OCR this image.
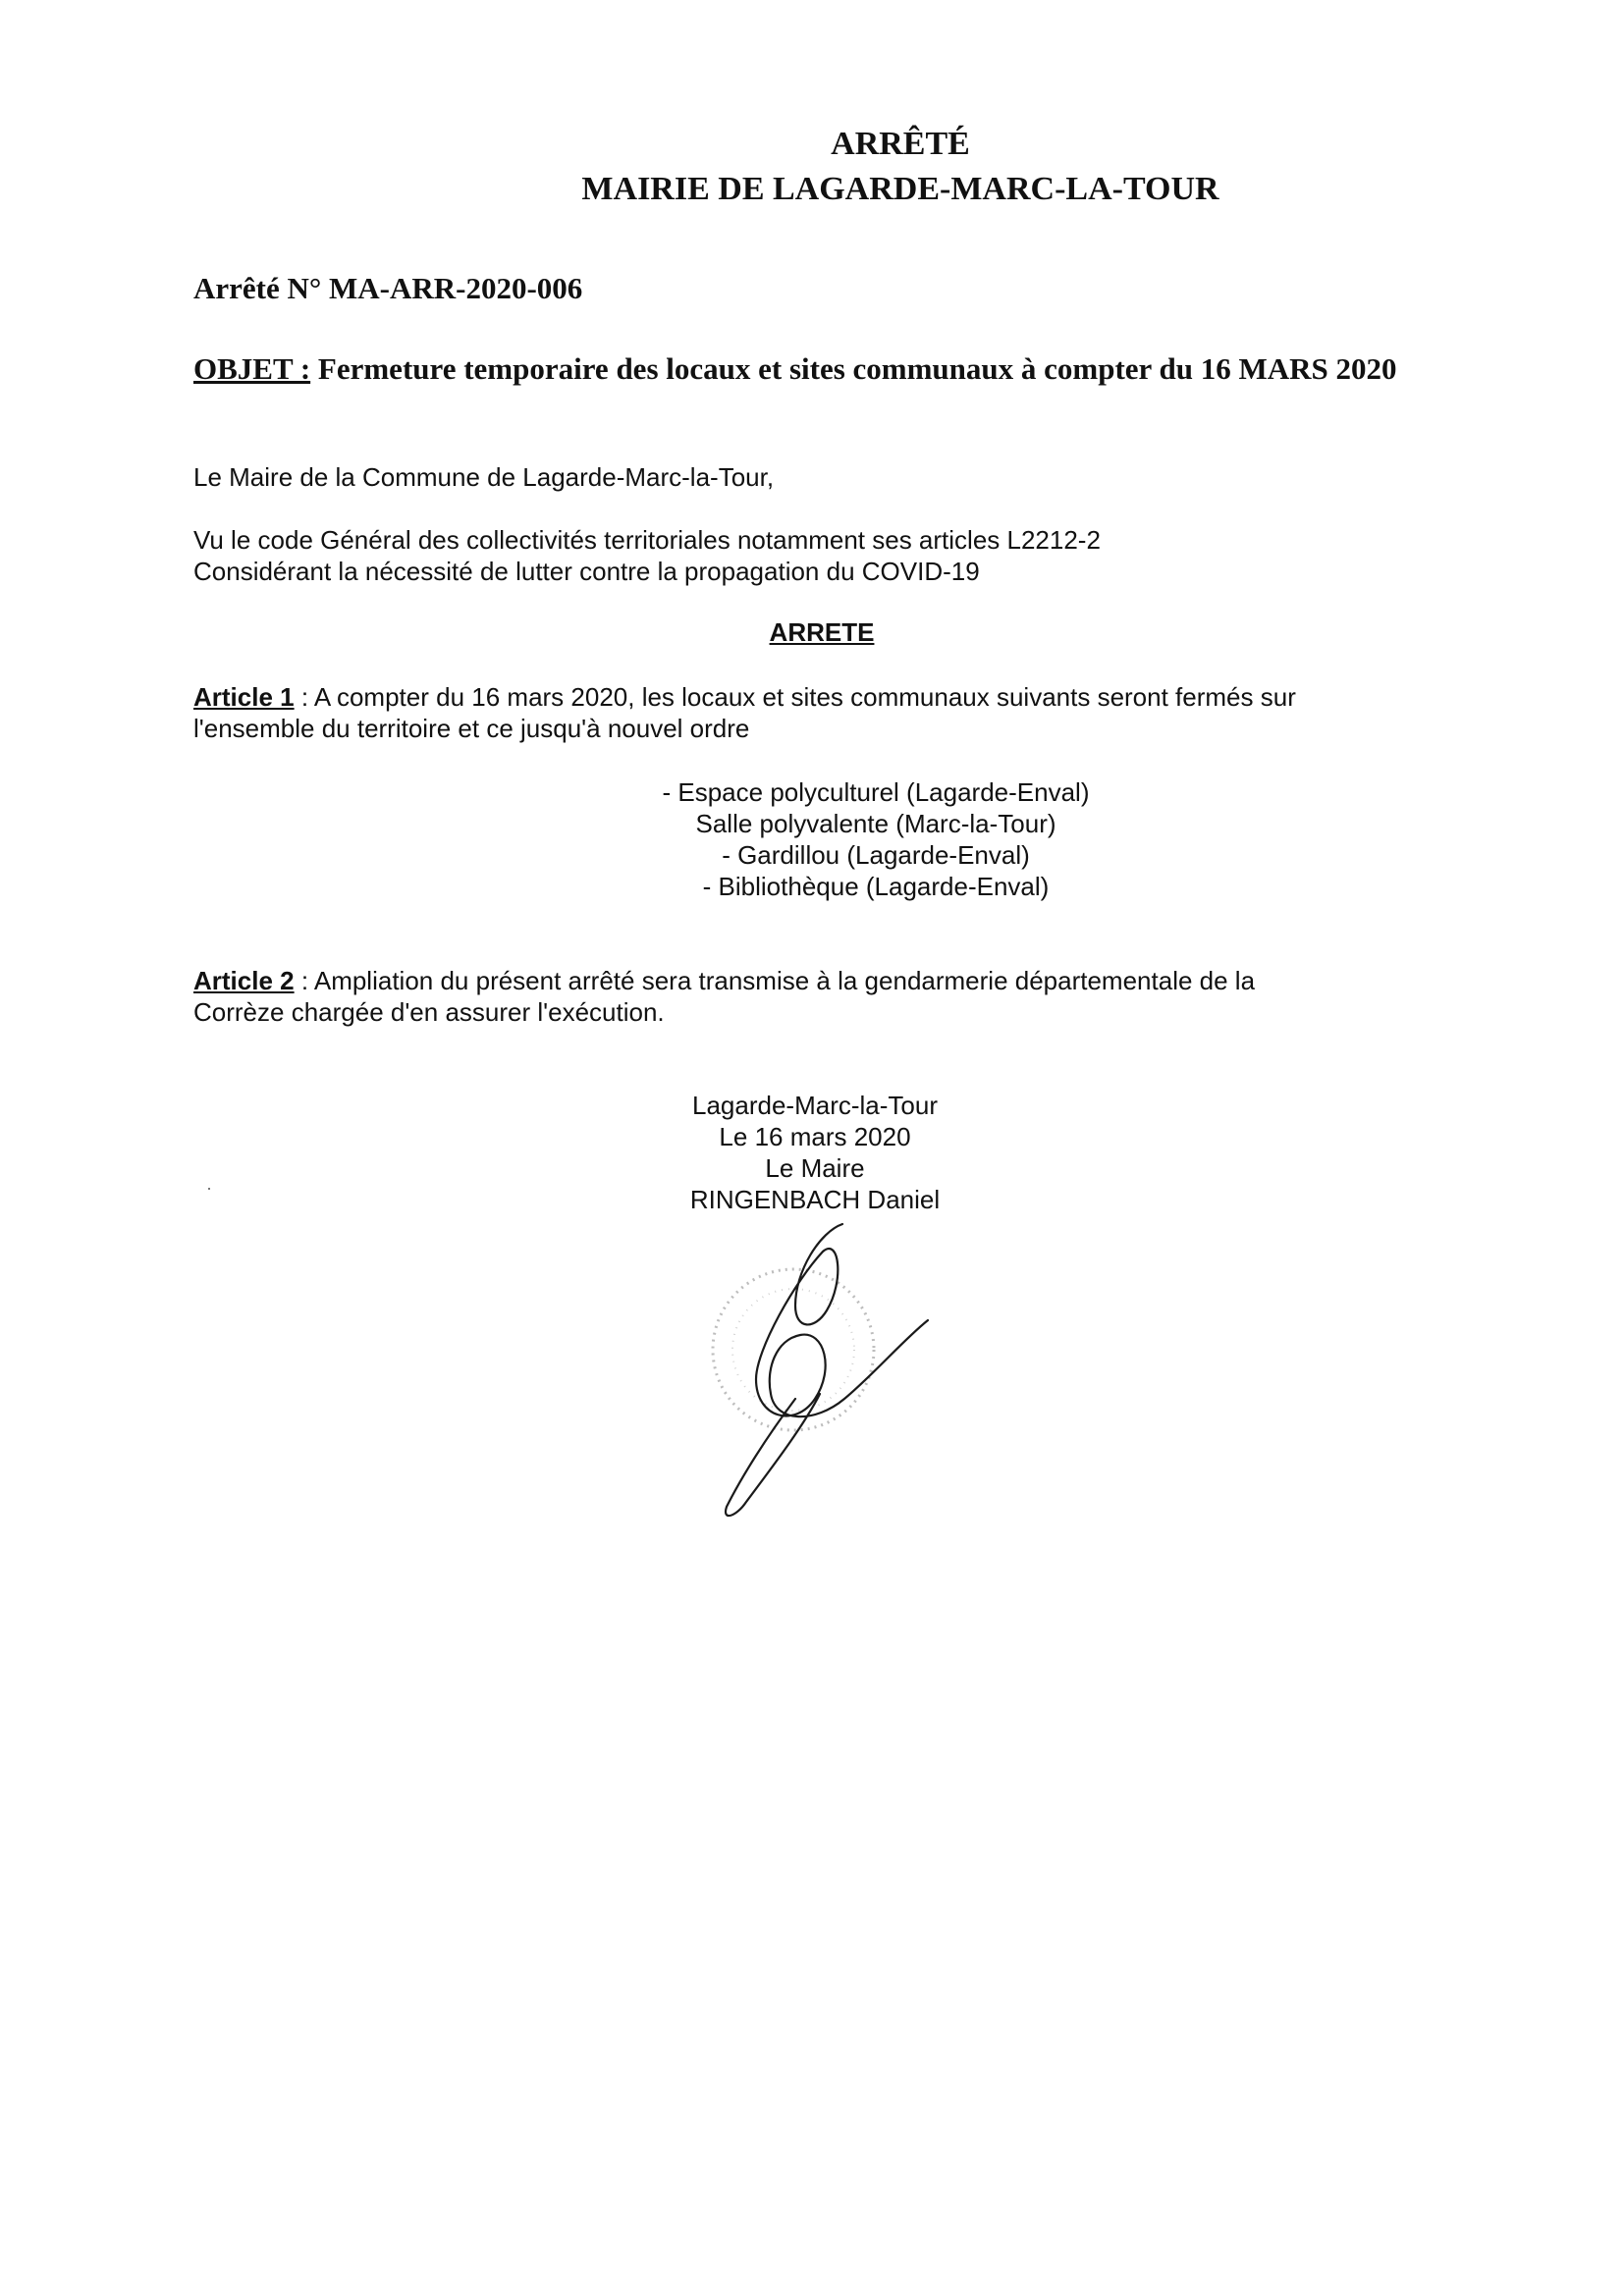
ARRÊTÉ
MAIRIE DE LAGARDE-MARC-LA-TOUR
Arrêté N° MA-ARR-2020-006
OBJET : Fermeture temporaire des locaux et sites communaux à compter du 16 MARS 2020
Le Maire de la Commune de Lagarde-Marc-la-Tour,
Vu le code Général des collectivités territoriales notamment ses articles L2212-2
Considérant la nécessité de lutter contre la propagation du COVID-19
ARRETE
Article 1 : A compter du 16 mars 2020, les locaux et sites communaux suivants seront fermés sur
l'ensemble du territoire et ce jusqu'à nouvel ordre
- Espace polyculturel (Lagarde-Enval)
Salle polyvalente (Marc-la-Tour)
- Gardillou (Lagarde-Enval)
- Bibliothèque (Lagarde-Enval)
Article 2 : Ampliation du présent arrêté sera transmise à la gendarmerie départementale de la
Corrèze chargée d'en assurer l'exécution.
Lagarde-Marc-la-Tour
Le 16 mars 2020
Le Maire
RINGENBACH Daniel
